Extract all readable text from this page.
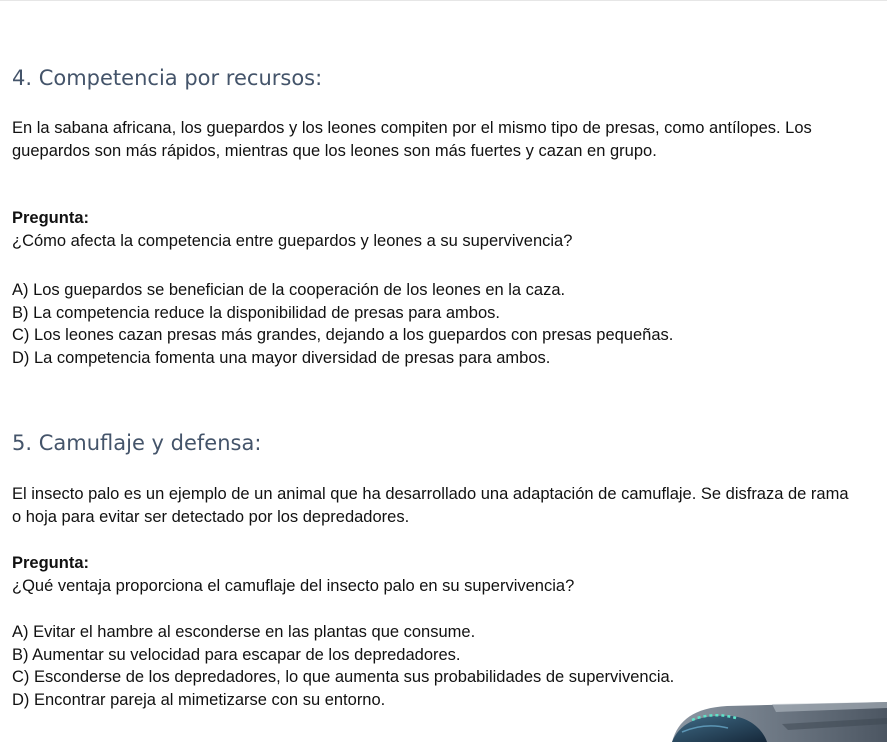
4. Competencia por recursos:

En la sabana africana, los guepardos y los leones compiten por el mismo tipo de presas, como antílopes. Los guepardos son más rápidos, mientras que los leones son más fuertes y cazan en grupo.

Pregunta:

¿Cómo afecta la competencia entre guepardos y leones a su supervivencia?

A) Los guepardos se benefician de la cooperación de los leones en la caza.
B) La competencia reduce la disponibilidad de presas para ambos.
C) Los leones cazan presas más grandes, dejando a los guepardos con presas pequeñas.
D) La competencia fomenta una mayor diversidad de presas para ambos.
5. Camuflaje y defensa:

El insecto palo es un ejemplo de un animal que ha desarrollado una adaptación de camuflaje. Se disfraza de rama o hoja para evitar ser detectado por los depredadores.

Pregunta:

¿Qué ventaja proporciona el camuflaje del insecto palo en su supervivencia?

A) Evitar el hambre al esconderse en las plantas que consume.
B) Aumentar su velocidad para escapar de los depredadores.
C) Esconderse de los depredadores, lo que aumenta sus probabilidades de supervivencia.
D) Encontrar pareja al mimetizarse con su entorno.
